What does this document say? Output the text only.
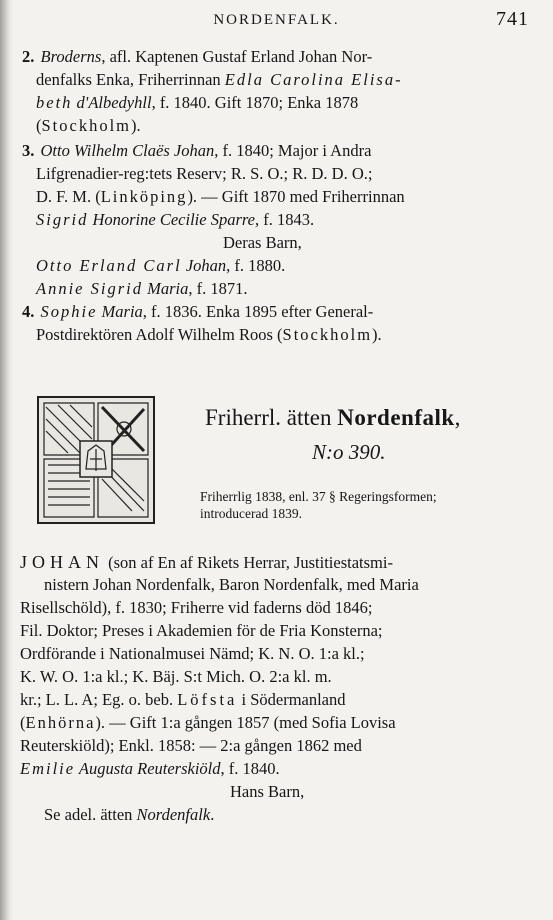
NORDENFALK.	741
2. Broderns, afl. Kaptenen Gustaf Erland Johan Nor-
denfalks Enka, Friherrinnan Edla Carolina Elisa-
beth d'Albedyhll, f. 1840. Gift 1870; Enka 1878
(Stockholm).
3. Otto Wilhelm Claës Johan, f. 1840; Major i Andra
Lifgrenadier-reg:tets Reserv; R. S. O.; R. D. D. O.;
D. F. M. (Linköping). — Gift 1870 med Friherrinnan
Sigrid Honorine Cecilie Sparre, f. 1843.
Deras Barn,
Otto Erland Carl Johan, f. 1880.
Annie Sigrid Maria, f. 1871.
4. Sophie Maria, f. 1836. Enka 1895 efter General-
Postdirektören Adolf Wilhelm Roos (Stockholm).
Friherrl. ätten Nordenfalk,
N:o 390.
Friherrlig 1838, enl. 37 § Regeringsformen;
introducerad 1839.
JOHAN (son af En af Rikets Herrar, Justitiestatsmi-
nistern Johan Nordenfalk, Baron Nordenfalk, med Maria
Risellschöld), f. 1830; Friherre vid faderns död 1846;
Fil. Doktor; Preses i Akademien för de Fria Konsterna;
Ordförande i Nationalmusei Nämd; K. N. O. 1:a kl.;
K. W. O. 1:a kl.; K. Bäj. S:t Mich. O. 2:a kl. m.
kr.; L. L. A; Eg. o. beb. Löfsta i Södermanland
(Enhörna). — Gift 1:a gången 1857 (med Sofia Lovisa
Reuterskiöld); Enkl. 1858: — 2:a gången 1862 med
Emilie Augusta Reuterskiöld, f. 1840.
Hans Barn,
Se adel. ätten Nordenfalk.
